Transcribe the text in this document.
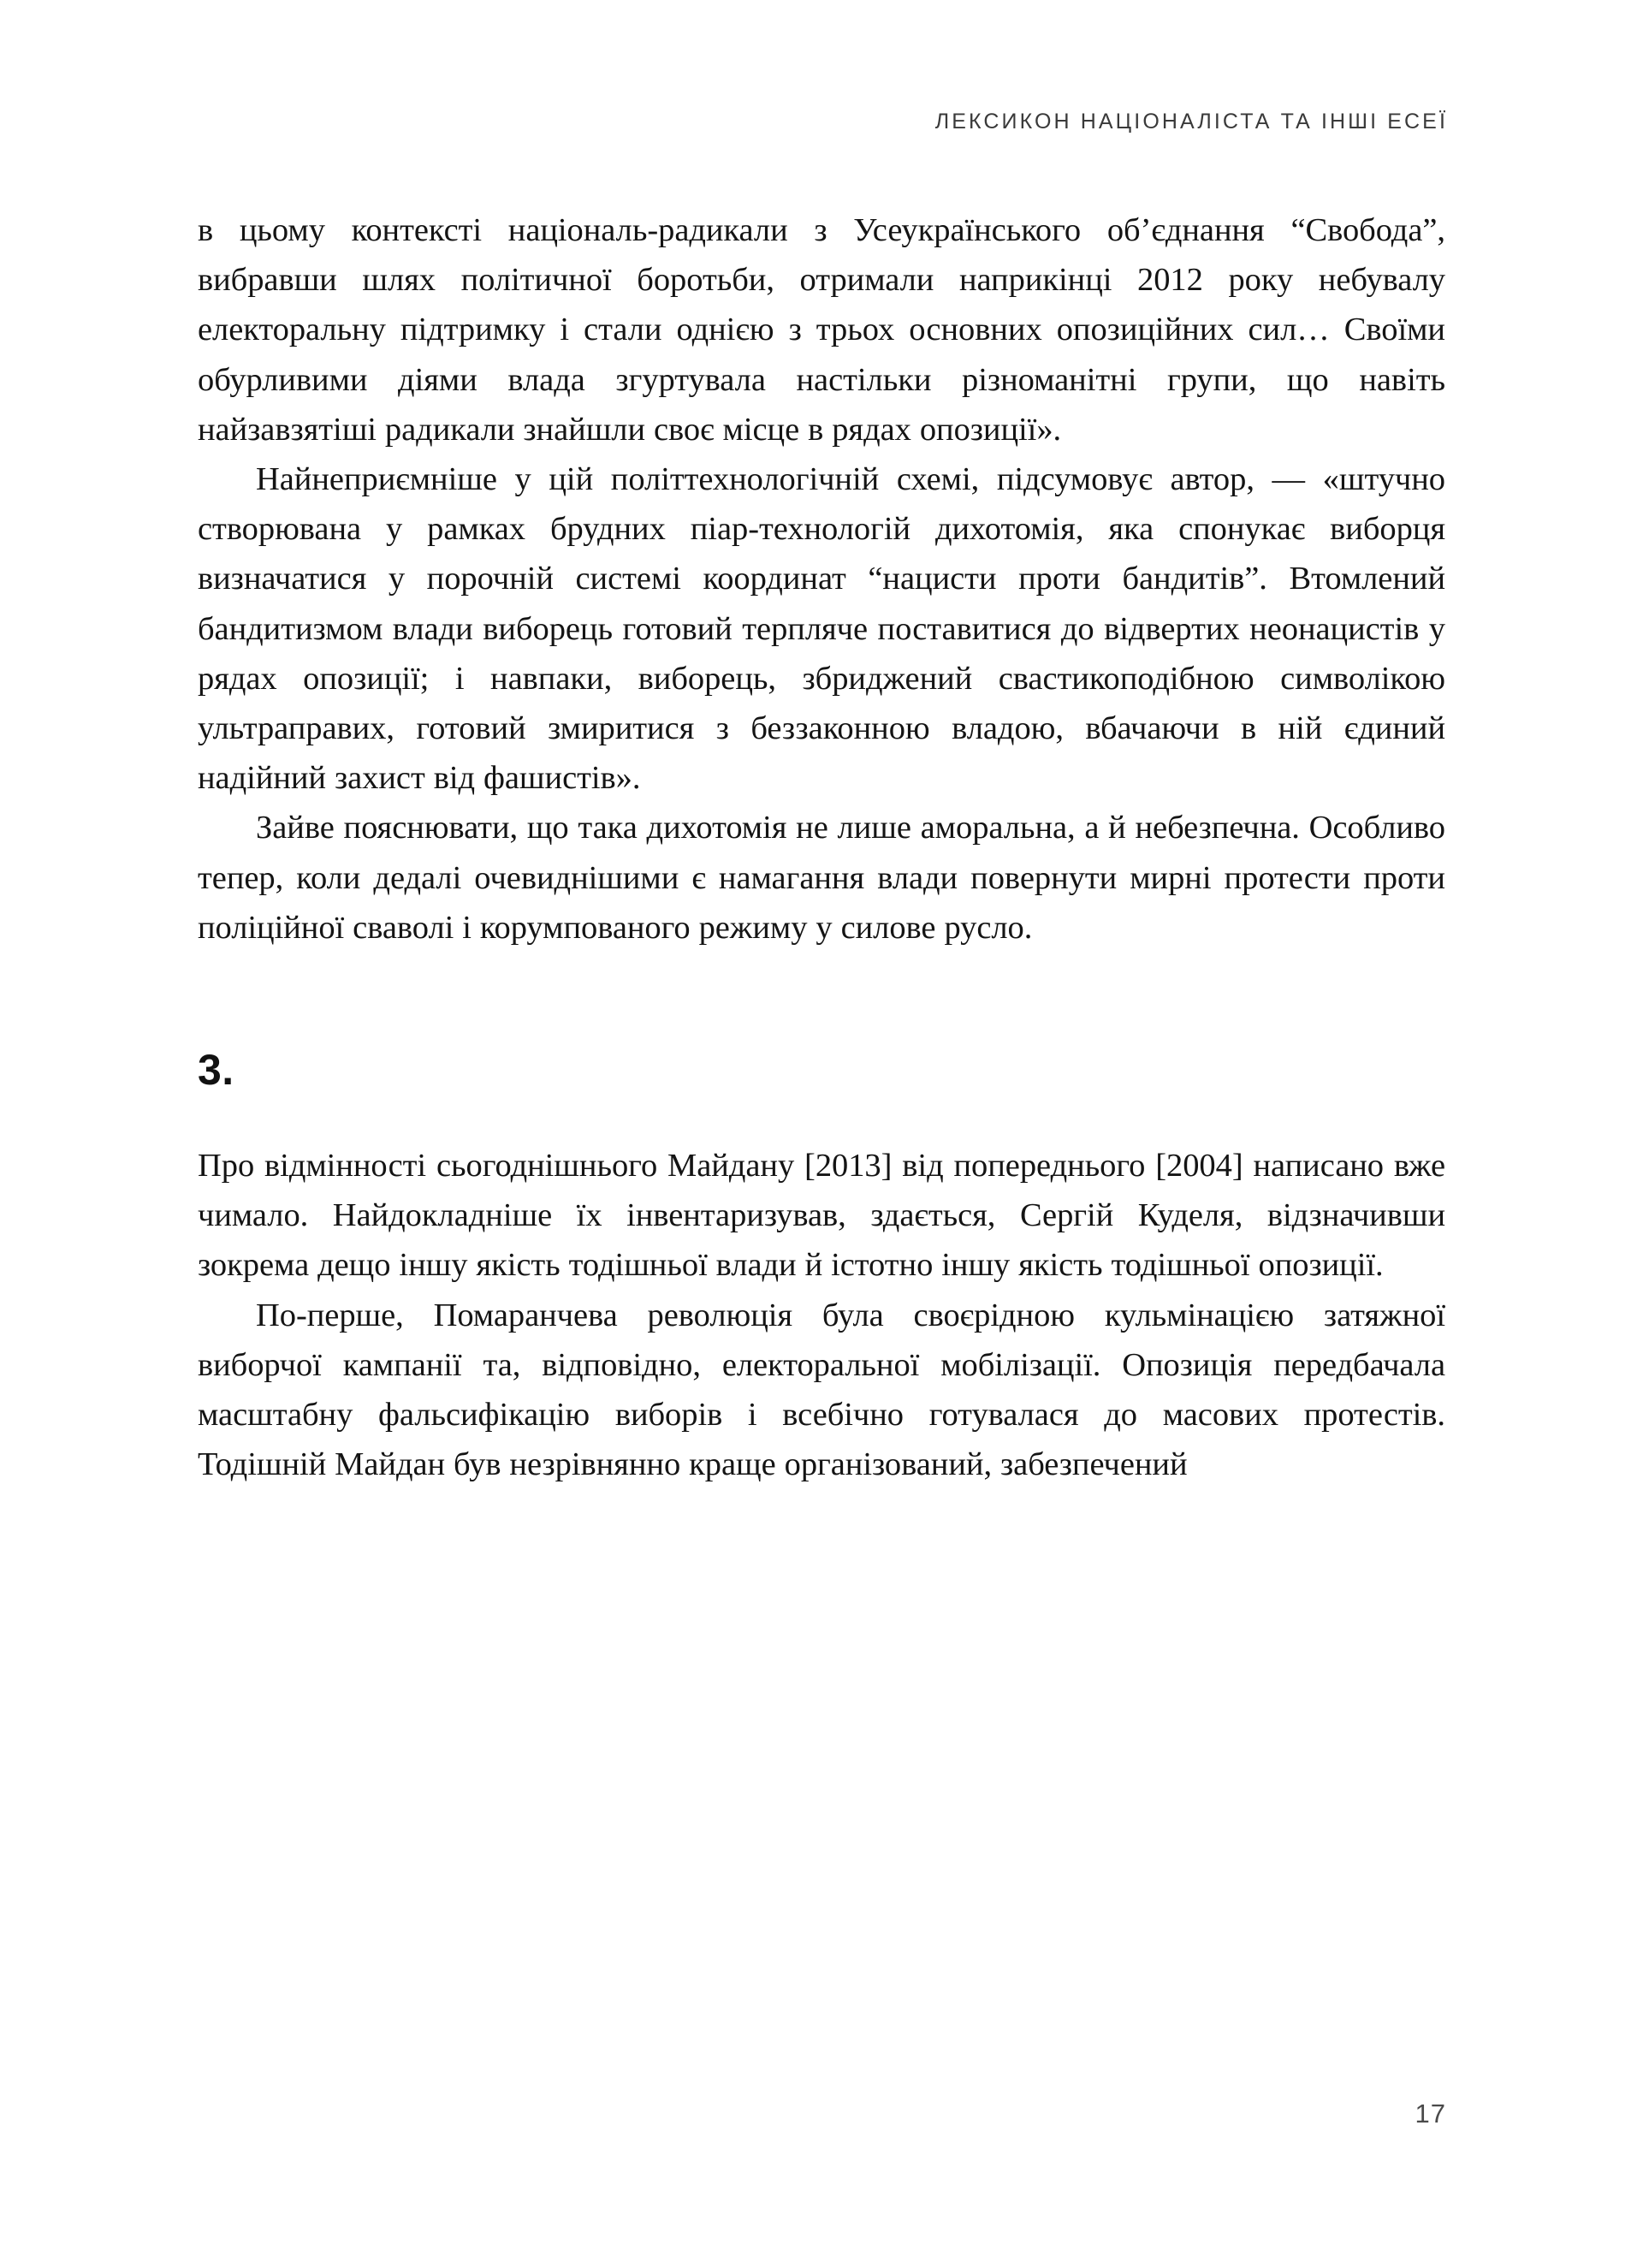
ЛЕКСИКОН НАЦІОНАЛІСТА ТА ІНШІ ЕСЕЇ

в цьому контексті національ-радикали з Усеукраїнського об’єднання “Свобода”, вибравши шлях політичної боротьби, отримали наприкінці 2012 року небувалу електоральну підтримку і стали однією з трьох основних опозиційних сил… Своїми обурливими діями влада згуртувала настільки різноманітні групи, що навіть найзавзятіші радикали знайшли своє місце в рядах опозиції».

Найнеприємніше у цій політтехнологічній схемі, підсумовує автор, — «штучно створювана у рамках брудних піар-технологій дихотомія, яка спонукає виборця визначатися у порочній системі координат “нацисти проти бандитів”. Втомлений бандитизмом влади виборець готовий терпляче поставитися до відвертих неонацистів у рядах опозиції; і навпаки, виборець, збриджений свастикоподібною символікою ультраправих, готовий змиритися з беззаконною владою, вбачаючи в ній єдиний надійний захист від фашистів».

Зайве пояснювати, що така дихотомія не лише аморальна, а й небезпечна. Особливо тепер, коли дедалі очевиднішими є намагання влади повернути мирні протести проти поліційної сваволі і корумпованого режиму у силове русло.

3.

Про відмінності сьогоднішнього Майдану [2013] від попереднього [2004] написано вже чимало. Найдокладніше їх інвентаризував, здається, Сергій Куделя, відзначивши зокрема дещо іншу якість тодішньої влади й істотно іншу якість тодішньої опозиції.

По-перше, Помаранчева революція була своєрідною кульмінацією затяжної виборчої кампанії та, відповідно, електоральної мобілізації. Опозиція передбачала масштабну фальсифікацію виборів і всебічно готувалася до масових протестів. Тодішній Майдан був незрівнянно краще організований, забезпечений

17
